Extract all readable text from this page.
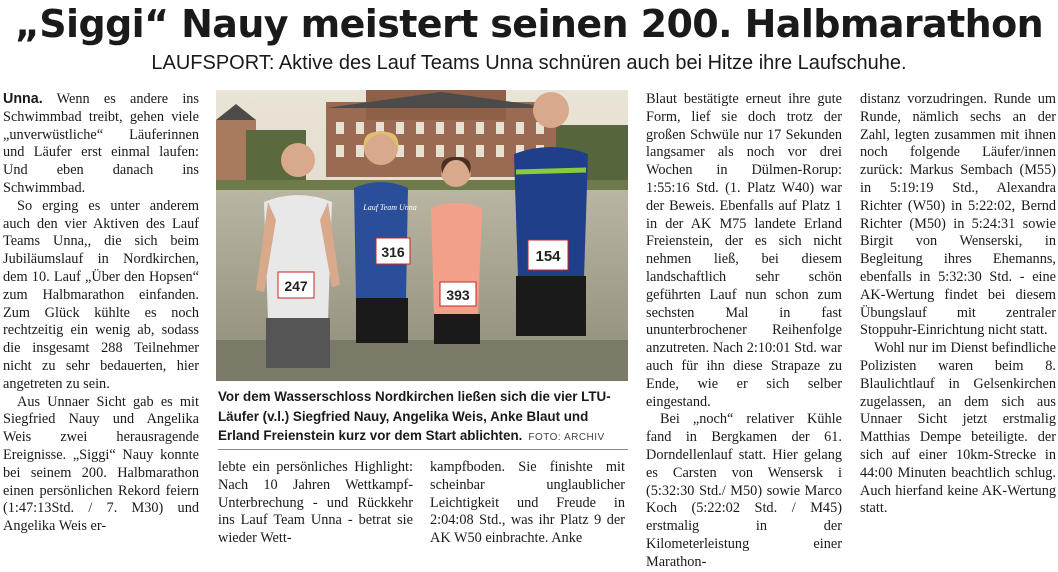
„Siggi“ Nauy meistert seinen 200. Halbmarathon
LAUFSPORT: Aktive des Lauf Teams Unna schnüren auch bei Hitze ihre Laufschuhe.

Unna. Wenn es andere ins Schwimmbad treibt, gehen viele „unverwüstliche“ Läuferinnen und Läufer erst einmal laufen: Und eben danach ins Schwimmbad.

So erging es unter anderem auch den vier Aktiven des Lauf Teams Unna,, die sich beim Jubiläumslauf in Nordkirchen, dem 10. Lauf „Über den Hopsen“ zum Halbmarathon einfanden. Zum Glück kühlte es noch rechtzeitig ein wenig ab, sodass die insgesamt 288 Teilnehmer nicht zu sehr bedauerten, hier angetreten zu sein.

Aus Unnaer Sicht gab es mit Siegfried Nauy und Angelika Weis zwei herausragende Ereignisse. „Siggi“ Nauy konnte bei seinem 200. Halbmarathon einen persönlichen Rekord feiern (1:47:13Std. / 7. M30) und Angelika Weis er-

247
316
Lauf Team Unna
393
154
Vor dem Wasserschloss Nordkirchen ließen sich die vier LTU-Läufer (v.l.) Siegfried Nauy, Angelika Weis, Anke Blaut und Erland Freienstein kurz vor dem Start ablichten. FOTO: ARCHIV

lebte ein persönliches Highlight: Nach 10 Jahren Wettkampf-Unterbrechung - und Rückkehr ins Lauf Team Unna - betrat sie wieder Wett-

kampfboden. Sie finishte mit scheinbar unglaublicher Leichtigkeit und Freude in 2:04:08 Std., was ihr Platz 9 der AK W50 einbrachte. Anke

Blaut bestätigte erneut ihre gute Form, lief sie doch trotz der großen Schwüle nur 17 Sekunden langsamer als noch vor drei Wochen in Dülmen-Rorup: 1:55:16 Std. (1. Platz W40) war der Beweis. Ebenfalls auf Platz 1 in der AK M75 landete Erland Freienstein, der es sich nicht nehmen ließ, bei diesem landschaftlich sehr schön geführten Lauf nun schon zum sechsten Mal in fast ununterbrochener Reihenfolge anzutreten. Nach 2:10:01 Std. war auch für ihn diese Strapaze zu Ende, wie er sich selber eingestand.

Bei „noch“ relativer Kühle fand in Bergkamen der 61. Dorndellenlauf statt. Hier gelang es Carsten von Wensersk i (5:32:30 Std./ M50) sowie Marco Koch (5:22:02 Std. / M45) erstmalig in der Kilometerleistung einer Marathon-

distanz vorzudringen. Runde um Runde, nämlich sechs an der Zahl, legten zusammen mit ihnen noch folgende Läufer/innen zurück: Markus Sembach (M55) in 5:19:19 Std., Alexandra Richter (W50) in 5:22:02, Bernd Richter (M50) in 5:24:31 sowie Birgit von Wenserski, in Begleitung ihres Ehemanns, ebenfalls in 5:32:30 Std. - eine AK-Wertung findet bei diesem Übungslauf mit zentraler Stoppuhr-Einrichtung nicht statt.

Wohl nur im Dienst befindliche Polizisten waren beim 8. Blaulichtlauf in Gelsenkirchen zugelassen, an dem sich aus Unnaer Sicht jetzt erstmalig Matthias Dempe beteiligte. der sich auf einer 10km-Strecke in 44:00 Minuten beachtlich schlug. Auch hierfand keine AK-Wertung statt.
